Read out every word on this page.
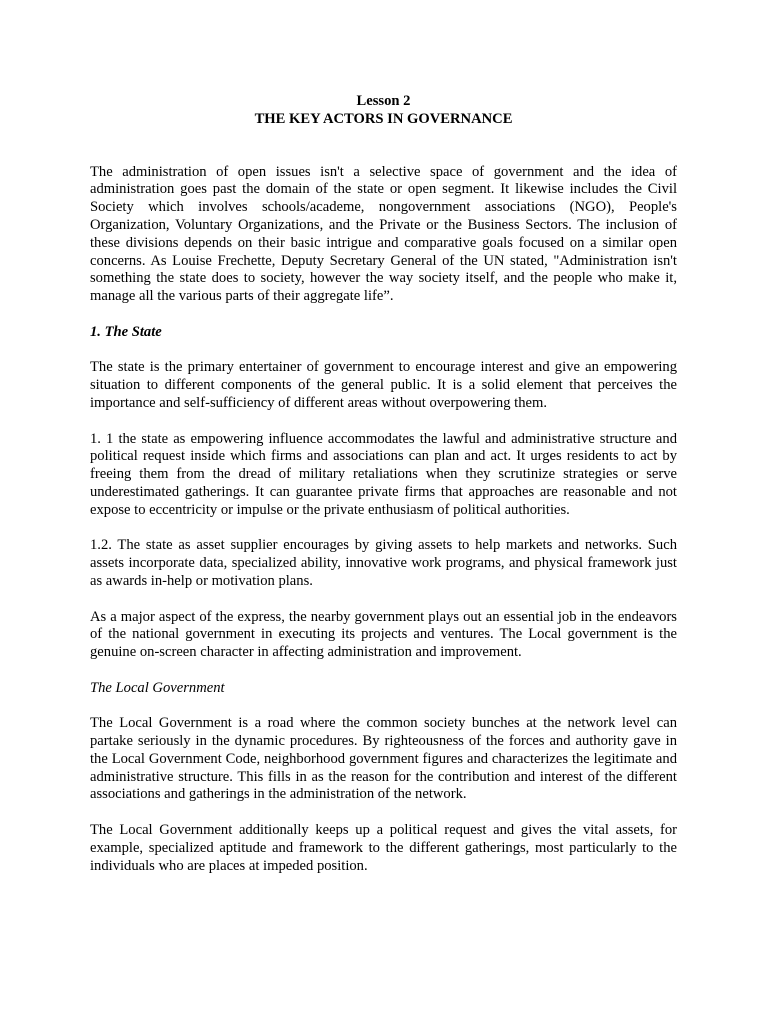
Lesson 2
THE KEY ACTORS IN GOVERNANCE

The administration of open issues isn't a selective space of government and the idea of administration goes past the domain of the state or open segment. It likewise includes the Civil Society which involves schools/academe, nongovernment associations (NGO), People's Organization, Voluntary Organizations, and the Private or the Business Sectors. The inclusion of these divisions depends on their basic intrigue and comparative goals focused on a similar open concerns. As Louise Frechette, Deputy Secretary General of the UN stated, "Administration isn't something the state does to society, however the way society itself, and the people who make it, manage all the various parts of their aggregate life”.

1. The State

The state is the primary entertainer of government to encourage interest and give an empowering situation to different components of the general public. It is a solid element that perceives the importance and self-sufficiency of different areas without overpowering them.

1. 1 the state as empowering influence accommodates the lawful and administrative structure and political request inside which firms and associations can plan and act. It urges residents to act by freeing them from the dread of military retaliations when they scrutinize strategies or serve underestimated gatherings. It can guarantee private firms that approaches are reasonable and not expose to eccentricity or impulse or the private enthusiasm of political authorities.

1.2. The state as asset supplier encourages by giving assets to help markets and networks. Such assets incorporate data, specialized ability, innovative work programs, and physical framework just as awards in-help or motivation plans.

As a major aspect of the express, the nearby government plays out an essential job in the endeavors of the national government in executing its projects and ventures. The Local government is the genuine on-screen character in affecting administration and improvement.

The Local Government

The Local Government is a road where the common society bunches at the network level can partake seriously in the dynamic procedures. By righteousness of the forces and authority gave in the Local Government Code, neighborhood government figures and characterizes the legitimate and administrative structure. This fills in as the reason for the contribution and interest of the different associations and gatherings in the administration of the network.

The Local Government additionally keeps up a political request and gives the vital assets, for example, specialized aptitude and framework to the different gatherings, most particularly to the individuals who are places at impeded position.
